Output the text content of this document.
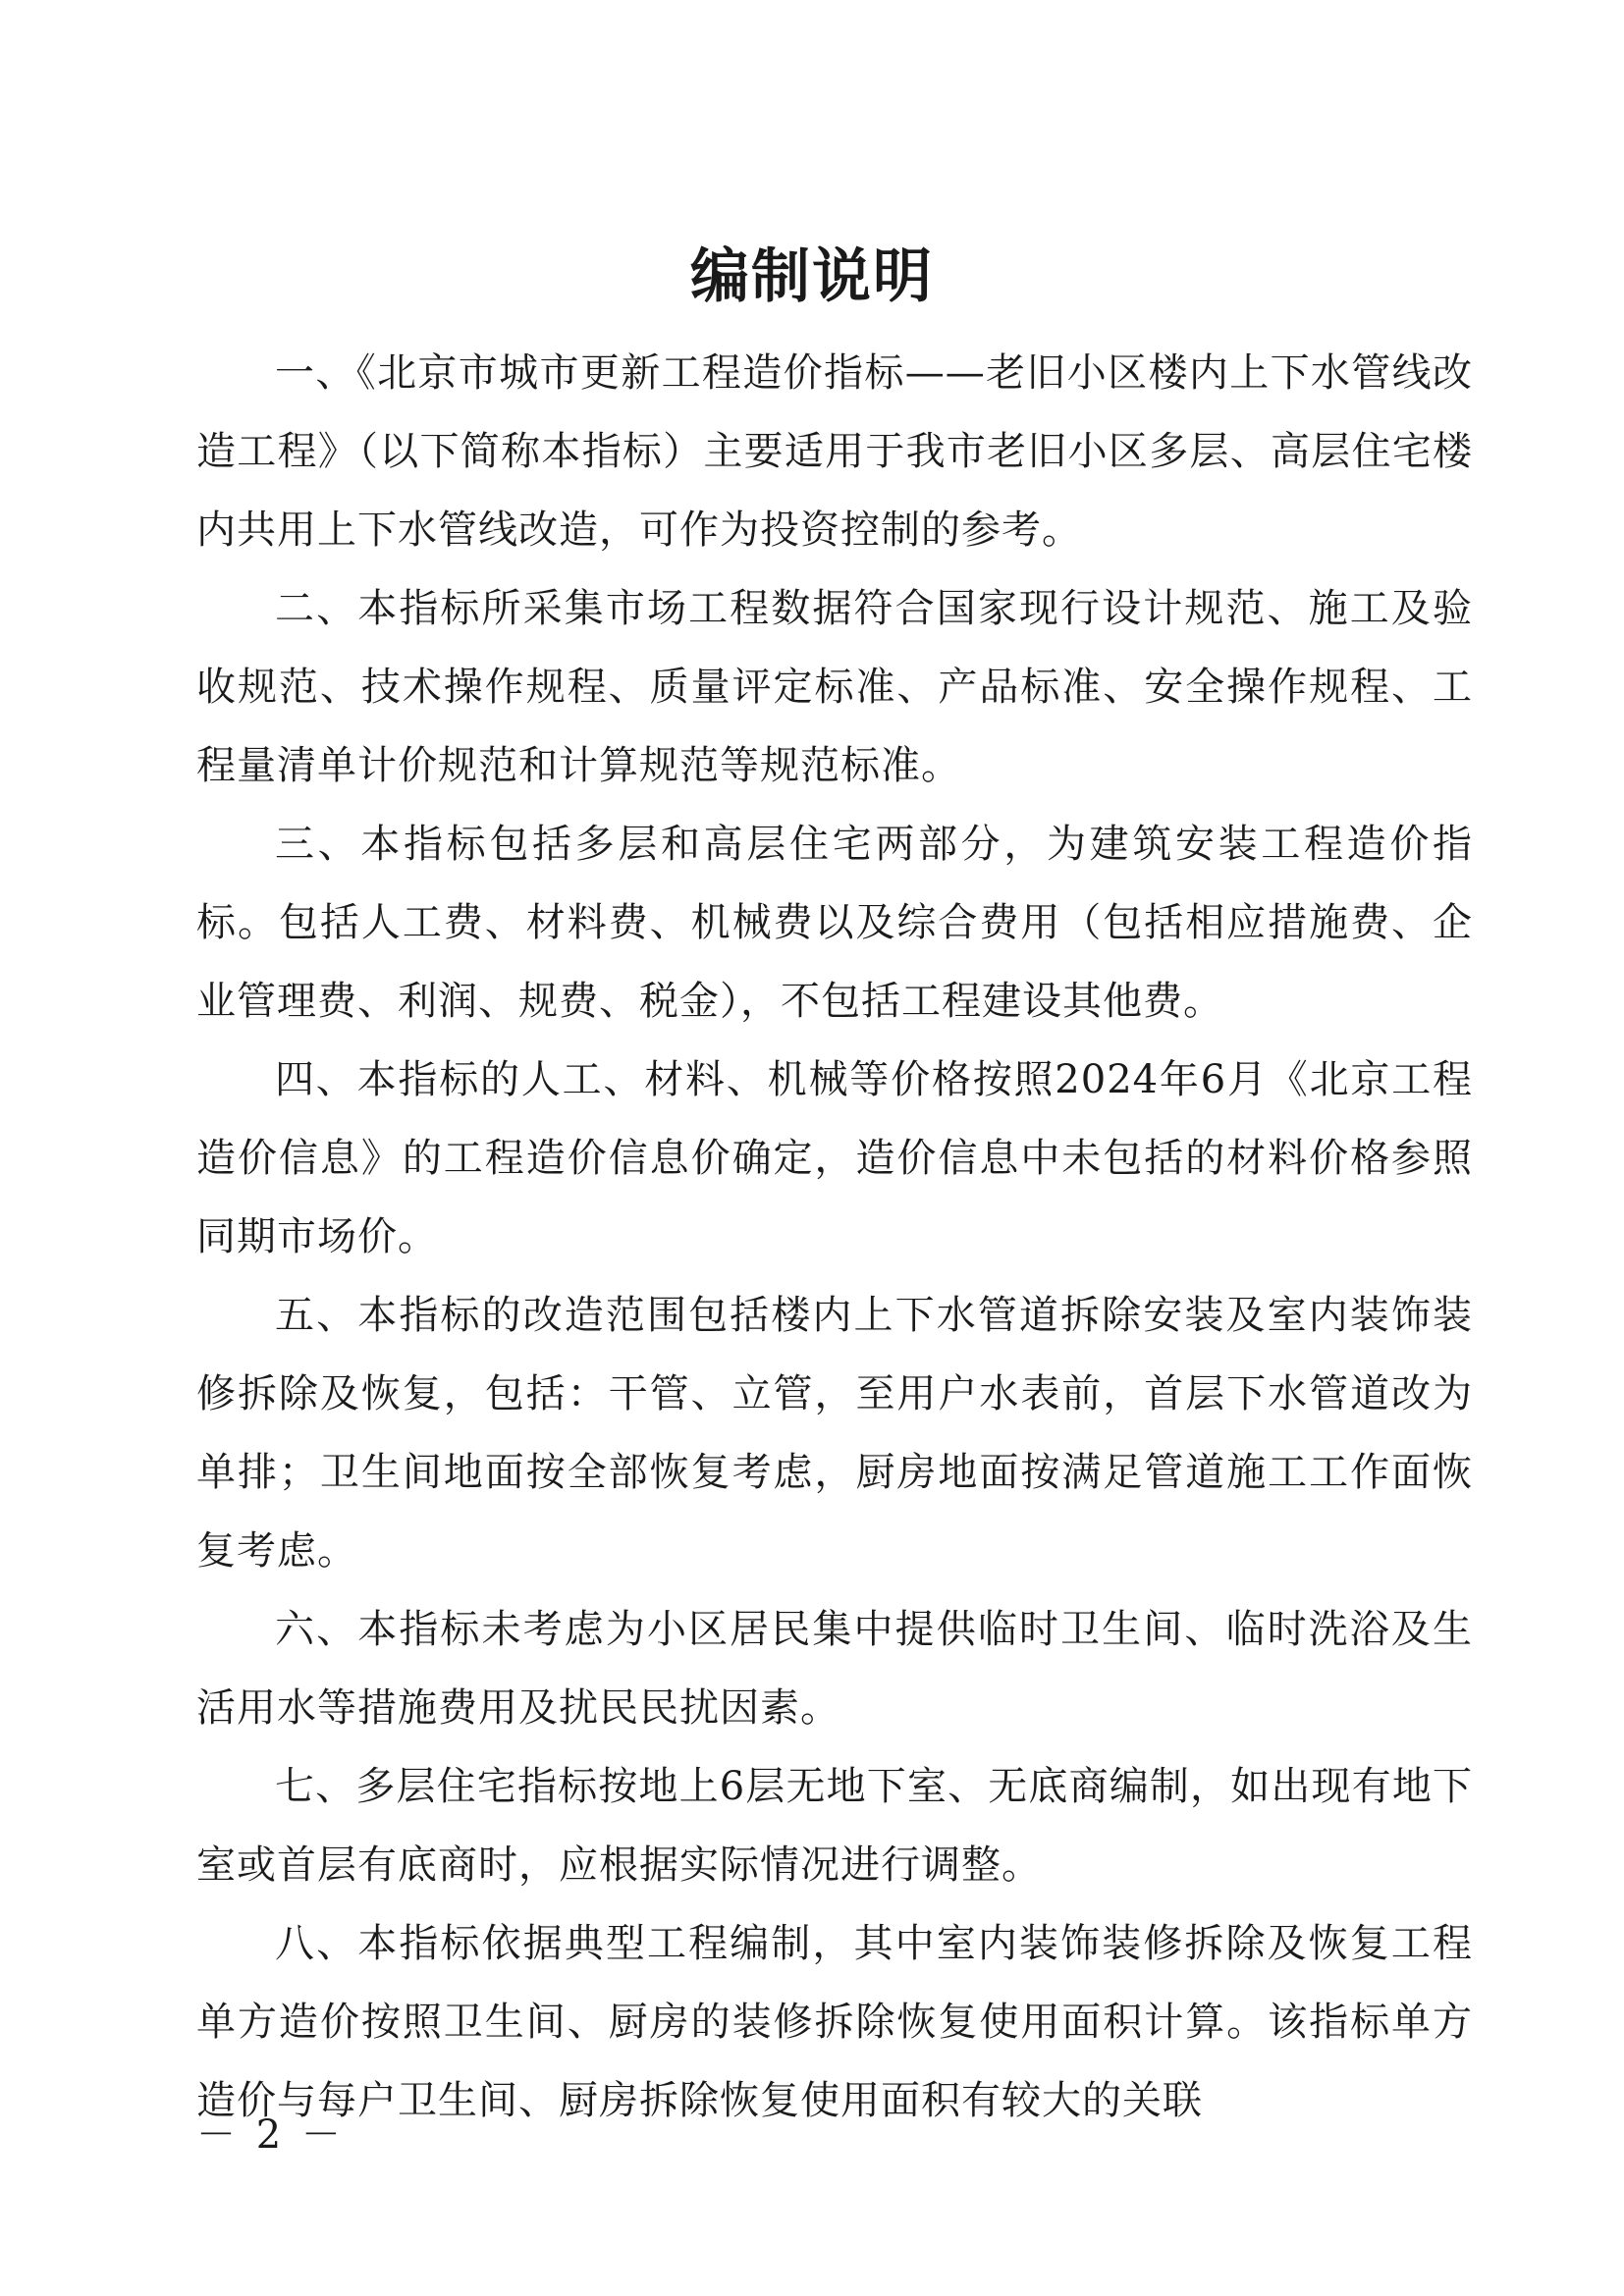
编制说明

一、《北京市城市更新工程造价指标——老旧小区楼内上下水管线改造工程》（以下简称本指标）主要适用于我市老旧小区多层、高层住宅楼内共用上下水管线改造，可作为投资控制的参考。

二、本指标所采集市场工程数据符合国家现行设计规范、施工及验收规范、技术操作规程、质量评定标准、产品标准、安全操作规程、工程量清单计价规范和计算规范等规范标准。

三、本指标包括多层和高层住宅两部分，为建筑安装工程造价指标。包括人工费、材料费、机械费以及综合费用（包括相应措施费、企业管理费、利润、规费、税金），不包括工程建设其他费。

四、本指标的人工、材料、机械等价格按照2024年6月《北京工程造价信息》的工程造价信息价确定，造价信息中未包括的材料价格参照同期市场价。

五、本指标的改造范围包括楼内上下水管道拆除安装及室内装饰装修拆除及恢复，包括：干管、立管，至用户水表前，首层下水管道改为单排；卫生间地面按全部恢复考虑，厨房地面按满足管道施工工作面恢复考虑。

六、本指标未考虑为小区居民集中提供临时卫生间、临时洗浴及生活用水等措施费用及扰民民扰因素。

七、多层住宅指标按地上6层无地下室、无底商编制，如出现有地下室或首层有底商时，应根据实际情况进行调整。

八、本指标依据典型工程编制，其中室内装饰装修拆除及恢复工程单方造价按照卫生间、厨房的装修拆除恢复使用面积计算。该指标单方造价与每户卫生间、厨房拆除恢复使用面积有较大的关联

－ 2 －
